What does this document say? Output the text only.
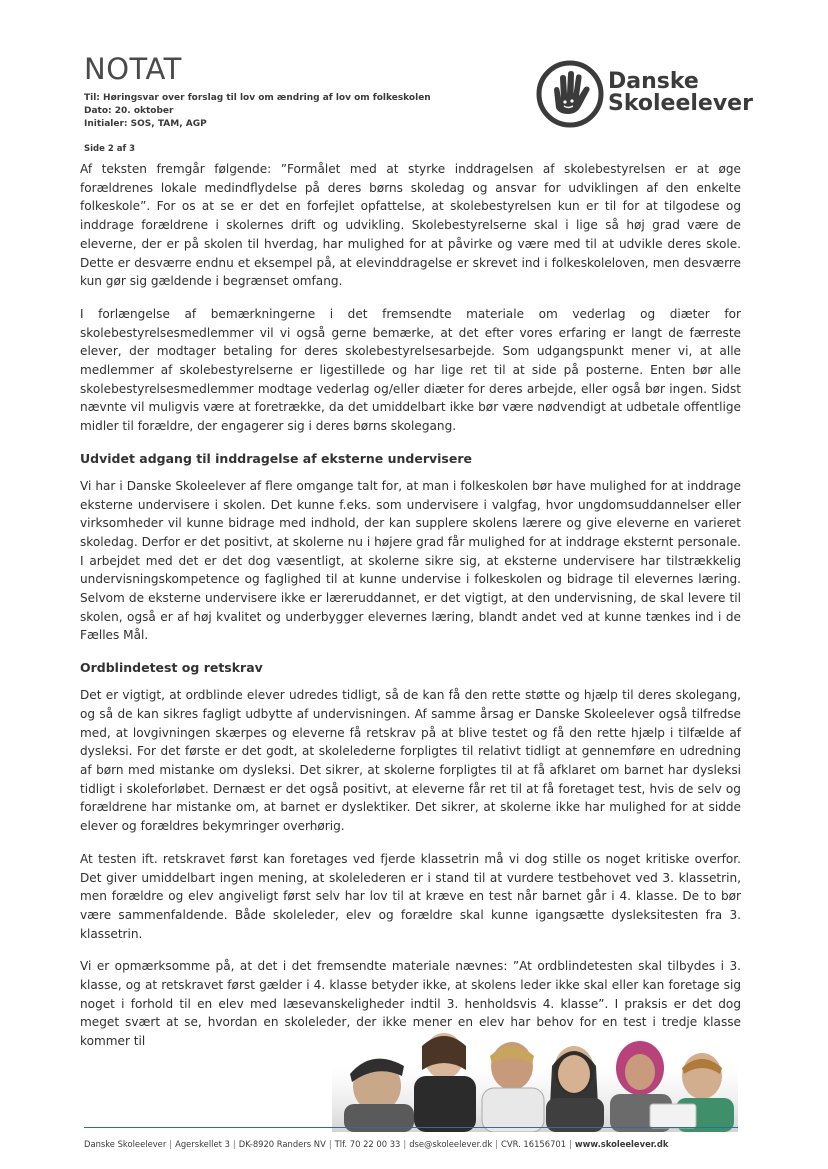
NOTAT
Til: Høringsvar over forslag til lov om ændring af lov om folkeskolen
Dato: 20. oktober
Initialer: SOS, TAM, AGP
Danske
Skoleelever
Side 2 af 3

Af teksten fremgår følgende: ”Formålet med at styrke inddragelsen af skolebestyrelsen er at øge forældrenes lokale medindflydelse på deres børns skoledag og ansvar for udviklingen af den enkelte folkeskole”. For os at se er det en forfejlet opfattelse, at skolebestyrelsen kun er til for at tilgodese og inddrage forældrene i skolernes drift og udvikling. Skolebestyrelserne skal i lige så høj grad være de eleverne, der er på skolen til hverdag, har mulighed for at påvirke og være med til at udvikle deres skole. Dette er desværre endnu et eksempel på, at elevinddragelse er skrevet ind i folkeskoleloven, men desværre kun gør sig gældende i begrænset omfang.

I forlængelse af bemærkningerne i det fremsendte materiale om vederlag og diæter for skolebestyrelsesmedlemmer vil vi også gerne bemærke, at det efter vores erfaring er langt de færreste elever, der modtager betaling for deres skolebestyrelsesarbejde. Som udgangspunkt mener vi, at alle medlemmer af skolebestyrelserne er ligestillede og har lige ret til at side på posterne. Enten bør alle skolebestyrelsesmedlemmer modtage vederlag og/eller diæter for deres arbejde, eller også bør ingen. Sidst nævnte vil muligvis være at foretrække, da det umiddelbart ikke bør være nødvendigt at udbetale offentlige midler til forældre, der engagerer sig i deres børns skolegang.

Udvidet adgang til inddragelse af eksterne undervisere

Vi har i Danske Skoleelever af flere omgange talt for, at man i folkeskolen bør have mulighed for at inddrage eksterne undervisere i skolen. Det kunne f.eks. som undervisere i valgfag, hvor ungdomsuddannelser eller virksomheder vil kunne bidrage med indhold, der kan supplere skolens lærere og give eleverne en varieret skoledag. Derfor er det positivt, at skolerne nu i højere grad får mulighed for at inddrage eksternt personale. I arbejdet med det er det dog væsentligt, at skolerne sikre sig, at eksterne undervisere har tilstrækkelig undervisningskompetence og faglighed til at kunne undervise i folkeskolen og bidrage til elevernes læring. Selvom de eksterne undervisere ikke er læreruddannet, er det vigtigt, at den undervisning, de skal levere til skolen, også er af høj kvalitet og underbygger elevernes læring, blandt andet ved at kunne tænkes ind i de Fælles Mål.

Ordblindetest og retskrav

Det er vigtigt, at ordblinde elever udredes tidligt, så de kan få den rette støtte og hjælp til deres skolegang, og så de kan sikres fagligt udbytte af undervisningen. Af samme årsag er Danske Skoleelever også tilfredse med, at lovgivningen skærpes og eleverne få retskrav på at blive testet og få den rette hjælp i tilfælde af dysleksi. For det første er det godt, at skolelederne forpligtes til relativt tidligt at gennemføre en udredning af børn med mistanke om dysleksi. Det sikrer, at skolerne forpligtes til at få afklaret om barnet har dysleksi tidligt i skoleforløbet. Dernæst er det også positivt, at eleverne får ret til at få foretaget test, hvis de selv og forældrene har mistanke om, at barnet er dyslektiker. Det sikrer, at skolerne ikke har mulighed for at sidde elever og forældres bekymringer overhørig.

At testen ift. retskravet først kan foretages ved fjerde klassetrin må vi dog stille os noget kritiske overfor. Det giver umiddelbart ingen mening, at skolelederen er i stand til at vurdere testbehovet ved 3. klassetrin, men forældre og elev angiveligt først selv har lov til at kræve en test når barnet går i 4. klasse. De to bør være sammenfaldende. Både skoleleder, elev og forældre skal kunne igangsætte dysleksitesten fra 3. klassetrin.

Vi er opmærksomme på, at det i det fremsendte materiale nævnes: ”At ordblindetesten skal tilbydes i 3. klasse, og at retskravet først gælder i 4. klasse betyder ikke, at skolens leder ikke skal eller kan foretage sig noget i forhold til en elev med læsevanskeligheder indtil 3. henholdsvis 4. klasse”. I praksis er det dog meget svært at se, hvordan en skoleleder, der ikke mener en elev har behov for en test i tredje klasse kommer til

Danske Skoleelever | Agerskellet 3 | DK-8920 Randers NV | Tlf. 70 22 00 33 | dse@skoleelever.dk | CVR. 16156701 | www.skoleelever.dk
